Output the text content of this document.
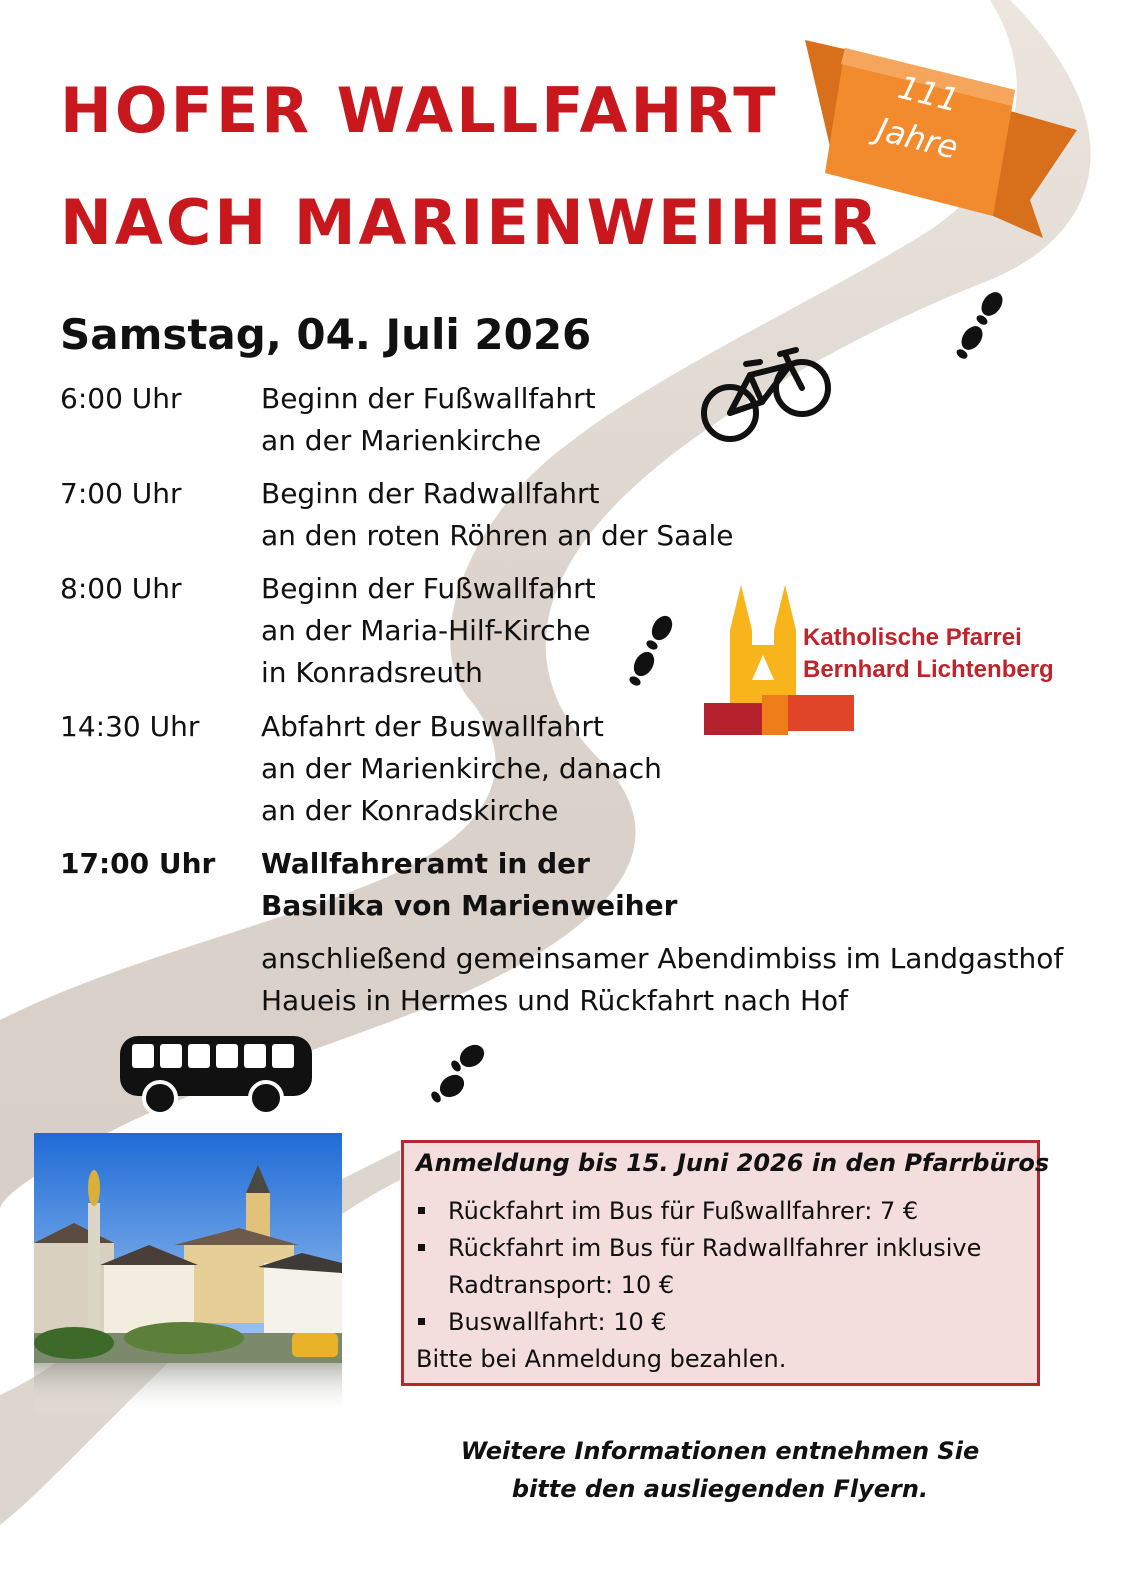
HOFER WALLFAHRT
NACH MARIENWEIHER
111
Jahre
Samstag, 04. Juli 2026
6:00 Uhr	Beginn der Fußwallfahrt
an der Marienkirche
7:00 Uhr	Beginn der Radwallfahrt
an den roten Röhren an der Saale
8:00 Uhr	Beginn der Fußwallfahrt
an der Maria-Hilf-Kirche
in Konradsreuth
14:30 Uhr Abfahrt der Buswallfahrt
an der Marienkirche, danach
an der Konradskirche
17:00 Uhr Wallfahreramt in der
Basilika von Marienweiher
anschließend gemeinsamer Abendimbiss im Landgasthof
Haueis in Hermes und Rückfahrt nach Hof
Katholische Pfarrei
Bernhard Lichtenberg
Anmeldung bis 15. Juni 2026 in den Pfarrbüros
Rückfahrt im Bus für Fußwallfahrer: 7 €
Rückfahrt im Bus für Radwallfahrer inklusive
Radtransport: 10 €
Buswallfahrt: 10 €
Bitte bei Anmeldung bezahlen.
Weitere Informationen entnehmen Sie
bitte den ausliegenden Flyern.
